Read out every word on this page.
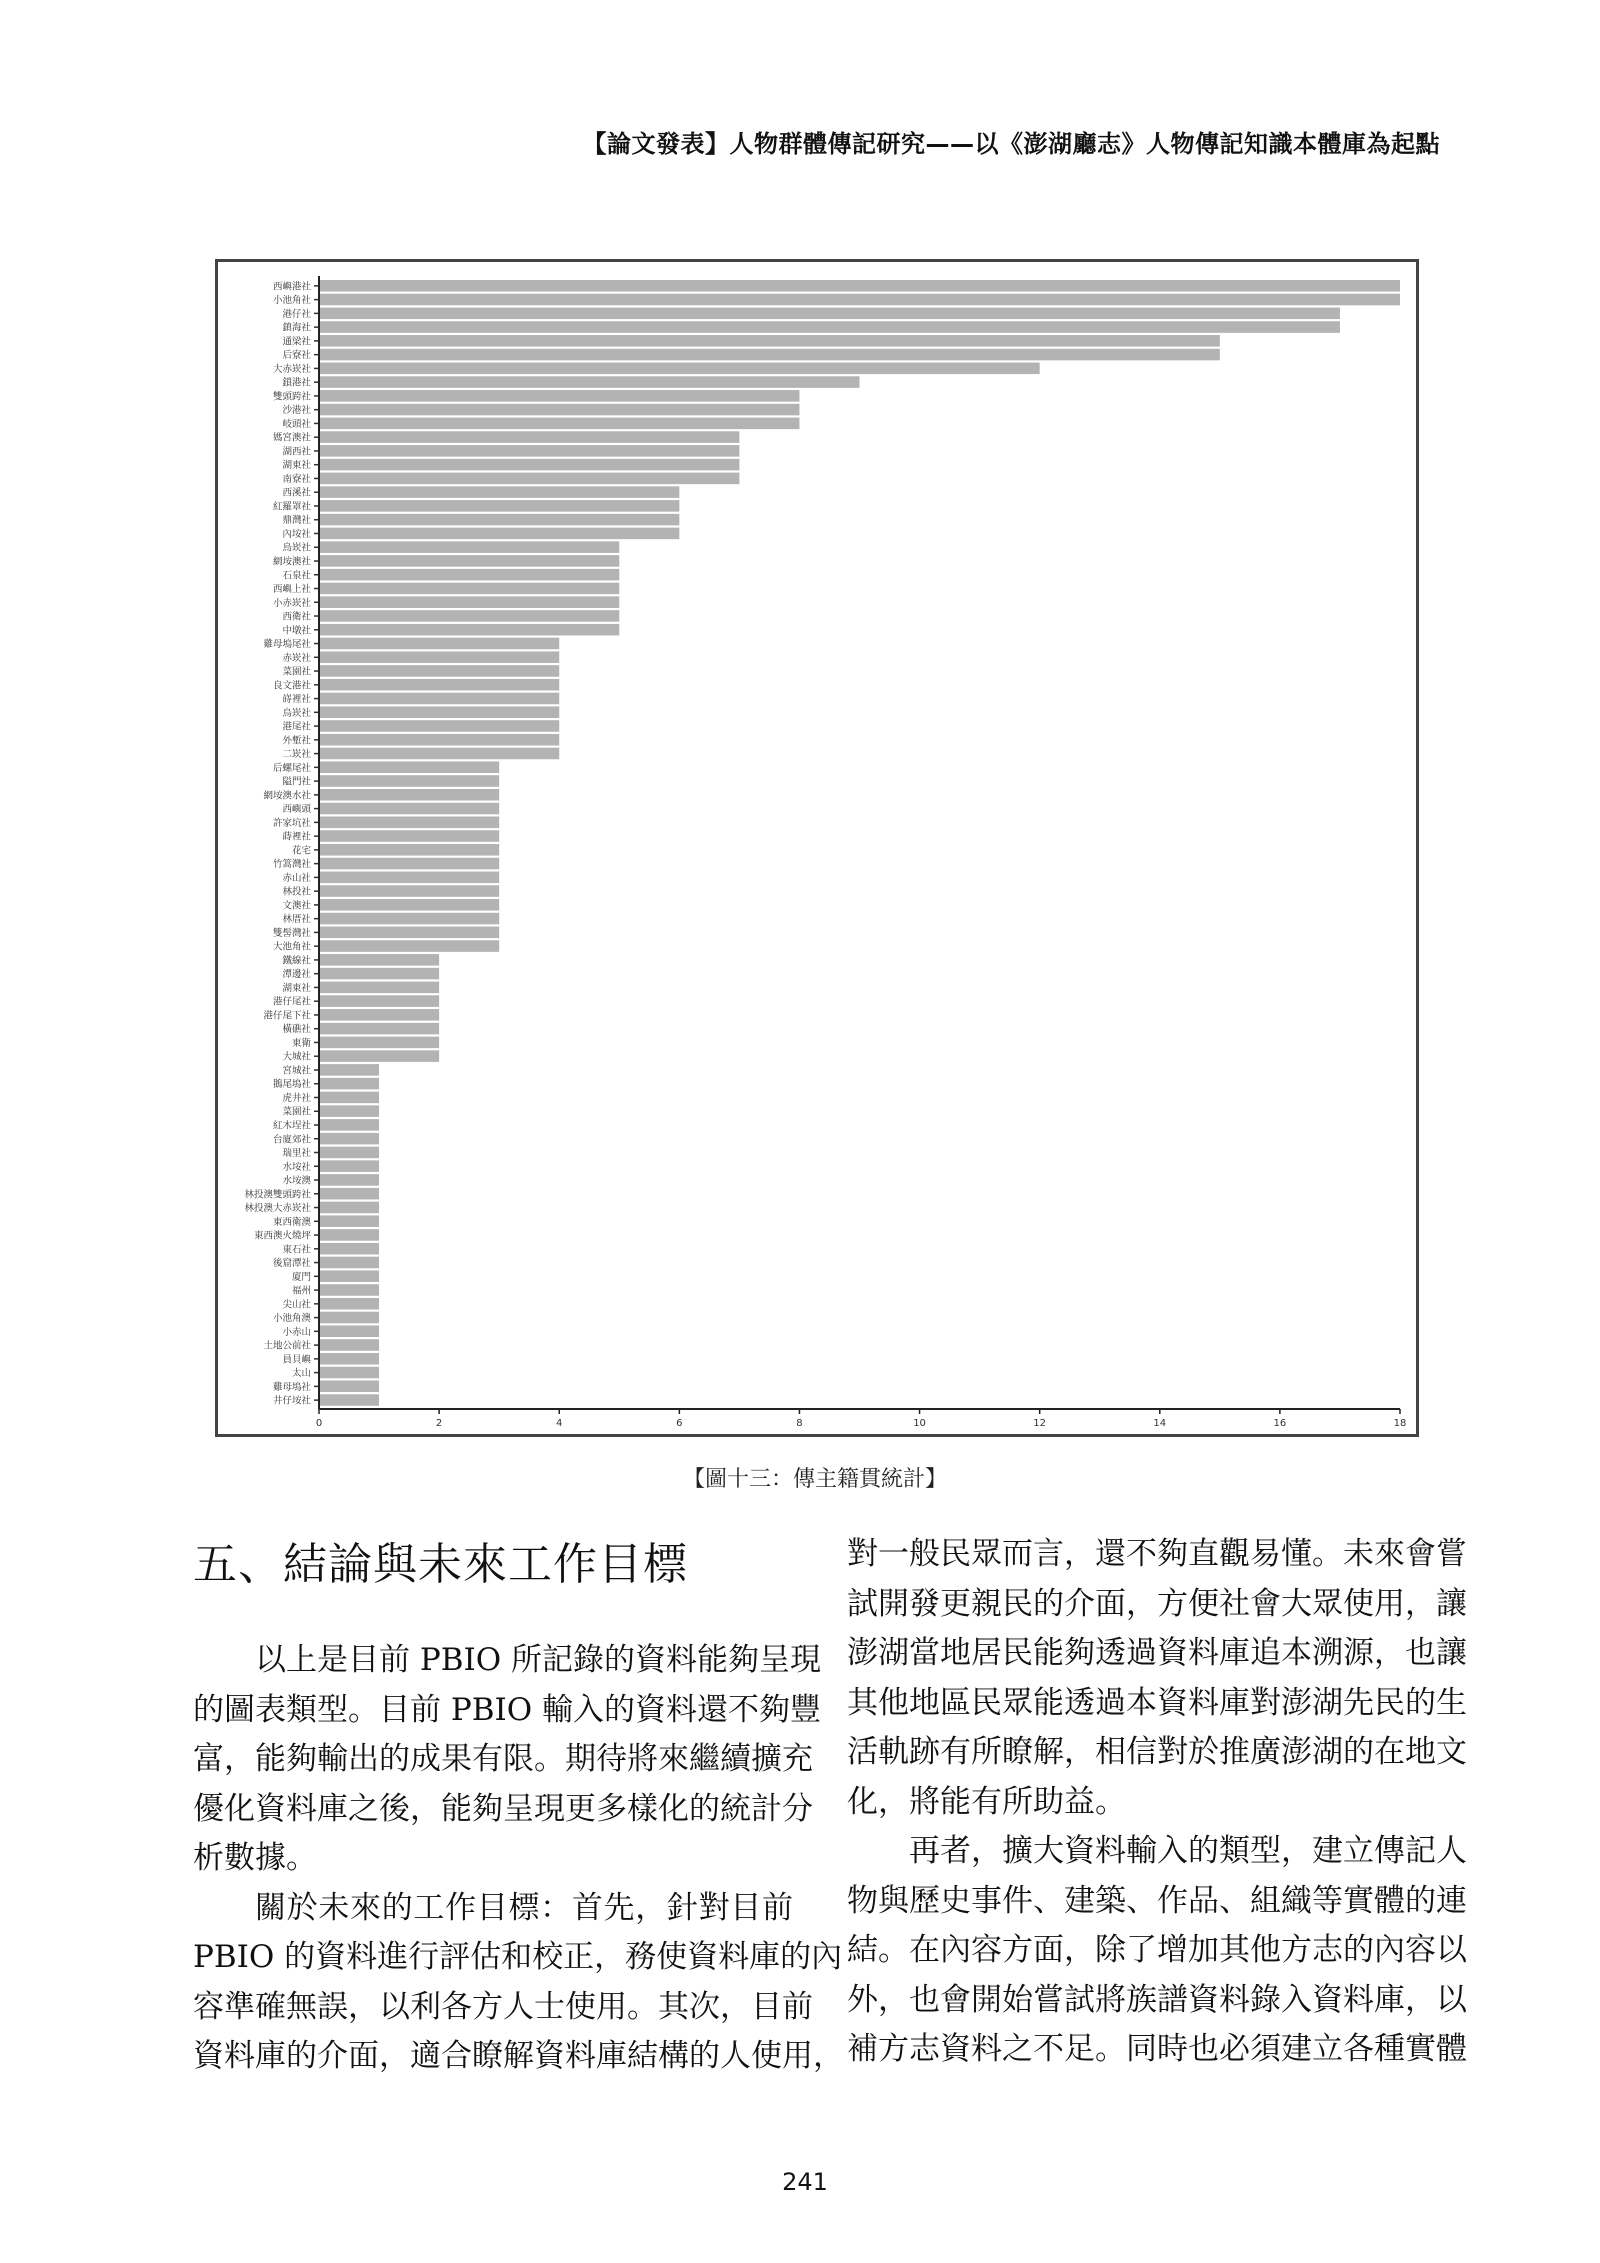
【論文發表】人物群體傳記研究——以《澎湖廳志》人物傳記知識本體庫為起點
西嶼港社
小池角社
港仔社
鎮海社
通梁社
后寮社
大赤崁社
鎖港社
雙頭跨社
沙港社
岐頭社
媽宮澳社
湖西社
湖東社
南寮社
西溪社
紅羅罩社
鼎灣社
內垵社
烏崁社
網垵澳社
石泉社
西嶼上社
小赤崁社
西衛社
中墩社
雞母塢尾社
赤崁社
菜園社
良文港社
嵵裡社
烏崁社
港尾社
外塹社
二崁社
后螺尾社
隘門社
網垵澳水社
西嶼頭
許家坑社
蒔裡社
花宅
竹篙灣社
赤山社
林投社
文澳社
林厝社
雙髻灣社
大池角社
鐵線社
潭邊社
湖東社
港仔尾社
港仔尾下社
橫礁社
東衛
大城社
宮城社
鵝尾塢社
虎井社
菜園社
紅木埕社
台廈郊社
瑞里社
水垵社
水垵澳
林投澳雙頭跨社
林投澳大赤崁社
東西衛澳
東西澳火燒坪
東石社
後窟潭社
廈門
福州
尖山社
小池角澳
小赤山
土地公前社
員貝嶼
太山
雞母塢社
井仔垵社
0	2	4	6	8	10	12	14	16	18
【圖十三：傳主籍貫統計】
五、結論與未來工作目標
以上是目前 PBIO 所記錄的資料能夠呈現
的圖表類型。目前 PBIO 輸入的資料還不夠豐
富，能夠輸出的成果有限。期待將來繼續擴充
優化資料庫之後，能夠呈現更多樣化的統計分
析數據。
關於未來的工作目標：首先，針對目前
PBIO 的資料進行評估和校正，務使資料庫的內
容準確無誤，以利各方人士使用。其次，目前
資料庫的介面，適合瞭解資料庫結構的人使用，
對一般民眾而言，還不夠直觀易懂。未來會嘗
試開發更親民的介面，方便社會大眾使用，讓
澎湖當地居民能夠透過資料庫追本溯源，也讓
其他地區民眾能透過本資料庫對澎湖先民的生
活軌跡有所瞭解，相信對於推廣澎湖的在地文
化，將能有所助益。
再者，擴大資料輸入的類型，建立傳記人
物與歷史事件、建築、作品、組織等實體的連
結。在內容方面，除了增加其他方志的內容以
外，也會開始嘗試將族譜資料錄入資料庫，以
補方志資料之不足。同時也必須建立各種實體
241
